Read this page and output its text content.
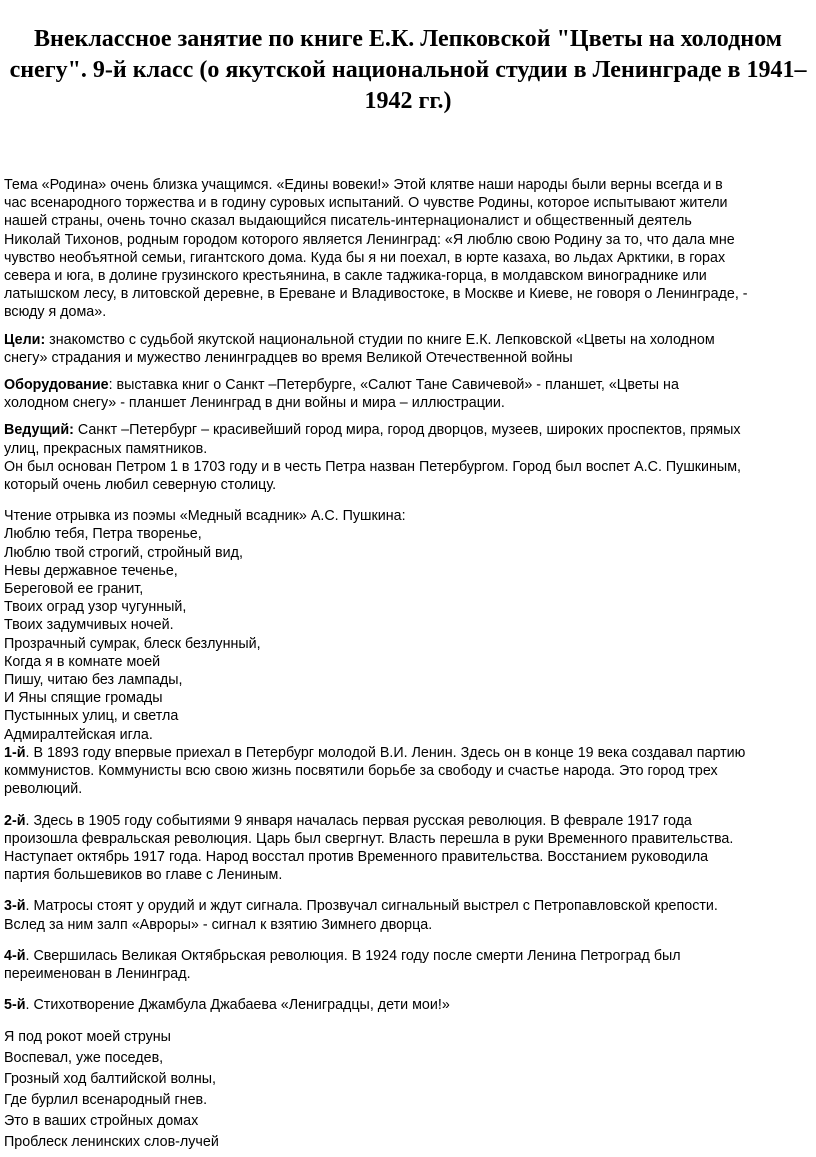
Внеклассное занятие по книге Е.К. Лепковской "Цветы на холодном снегу". 9-й класс (о якутской национальной студии в Ленинграде в 1941–1942 гг.)
Тема «Родина» очень близка учащимся. «Едины вовеки!» Этой клятве наши народы были верны всегда и в
час всенародного торжества и в годину суровых испытаний. О чувстве Родины, которое испытывают жители
нашей страны, очень точно сказал выдающийся писатель-интернационалист и общественный деятель
Николай Тихонов, родным городом которого является Ленинград: «Я люблю свою Родину за то, что дала мне
чувство необъятной семьи, гигантского дома. Куда бы я ни поехал, в юрте казаха, во льдах Арктики, в горах
севера и юга, в долине грузинского крестьянина, в сакле таджика-горца, в молдавском винограднике или
латышском лесу, в литовской деревне, в Ереване и Владивостоке, в Москве и Киеве, не говоря о Ленинграде, -
всюду я дома».
Цели: знакомство с судьбой якутской национальной студии по книге Е.К. Лепковской «Цветы на холодном
снегу» страдания и мужество ленинградцев во время Великой Отечественной войны
Оборудование: выставка книг о Санкт –Петербурге, «Салют Тане Савичевой» - планшет, «Цветы на
холодном снегу» - планшет Ленинград в дни войны и мира – иллюстрации.
Ведущий: Санкт –Петербург – красивейший город мира, город дворцов, музеев, широких проспектов, прямых
улиц, прекрасных памятников.
Он был основан Петром 1 в 1703 году и в честь Петра назван Петербургом. Город был воспет А.С. Пушкиным,
который очень любил северную столицу.
Чтение отрывка из поэмы «Медный всадник» А.С. Пушкина:
Люблю тебя, Петра творенье,
Люблю твой строгий, стройный вид,
Невы державное теченье,
Береговой ее гранит,
Твоих оград узор чугунный,
Твоих задумчивых ночей.
Прозрачный сумрак, блеск безлунный,
Когда я в комнате моей
Пишу, читаю без лампады,
И Яны спящие громады
Пустынных улиц, и светла
Адмиралтейская игла.
1-й. В 1893 году впервые приехал в Петербург молодой В.И. Ленин. Здесь он в конце 19 века создавал партию
коммунистов. Коммунисты всю свою жизнь посвятили борьбе за свободу и счастье народа. Это город трех
революций.
2-й. Здесь в 1905 году событиями 9 января началась первая русская революция. В феврале 1917 года
произошла февральская революция. Царь был свергнут. Власть перешла в руки Временного правительства.
Наступает октябрь 1917 года. Народ восстал против Временного правительства. Восстанием руководила
партия большевиков во главе с Лениным.
3-й. Матросы стоят у орудий и ждут сигнала. Прозвучал сигнальный выстрел с Петропавловской крепости.
Вслед за ним залп «Авроры» - сигнал к взятию Зимнего дворца.
4-й. Свершилась Великая Октябрьская революция. В 1924 году после смерти Ленина Петроград был
переименован в Ленинград.
5-й. Стихотворение Джамбула Джабаева «Лениградцы, дети мои!»
Я под рокот моей струны
Воспевал, уже поседев,
Грозный ход балтийской волны,
Где бурлил всенародный гнев.
Это в ваших стройных домах
Проблеск ленинских слов-лучей
